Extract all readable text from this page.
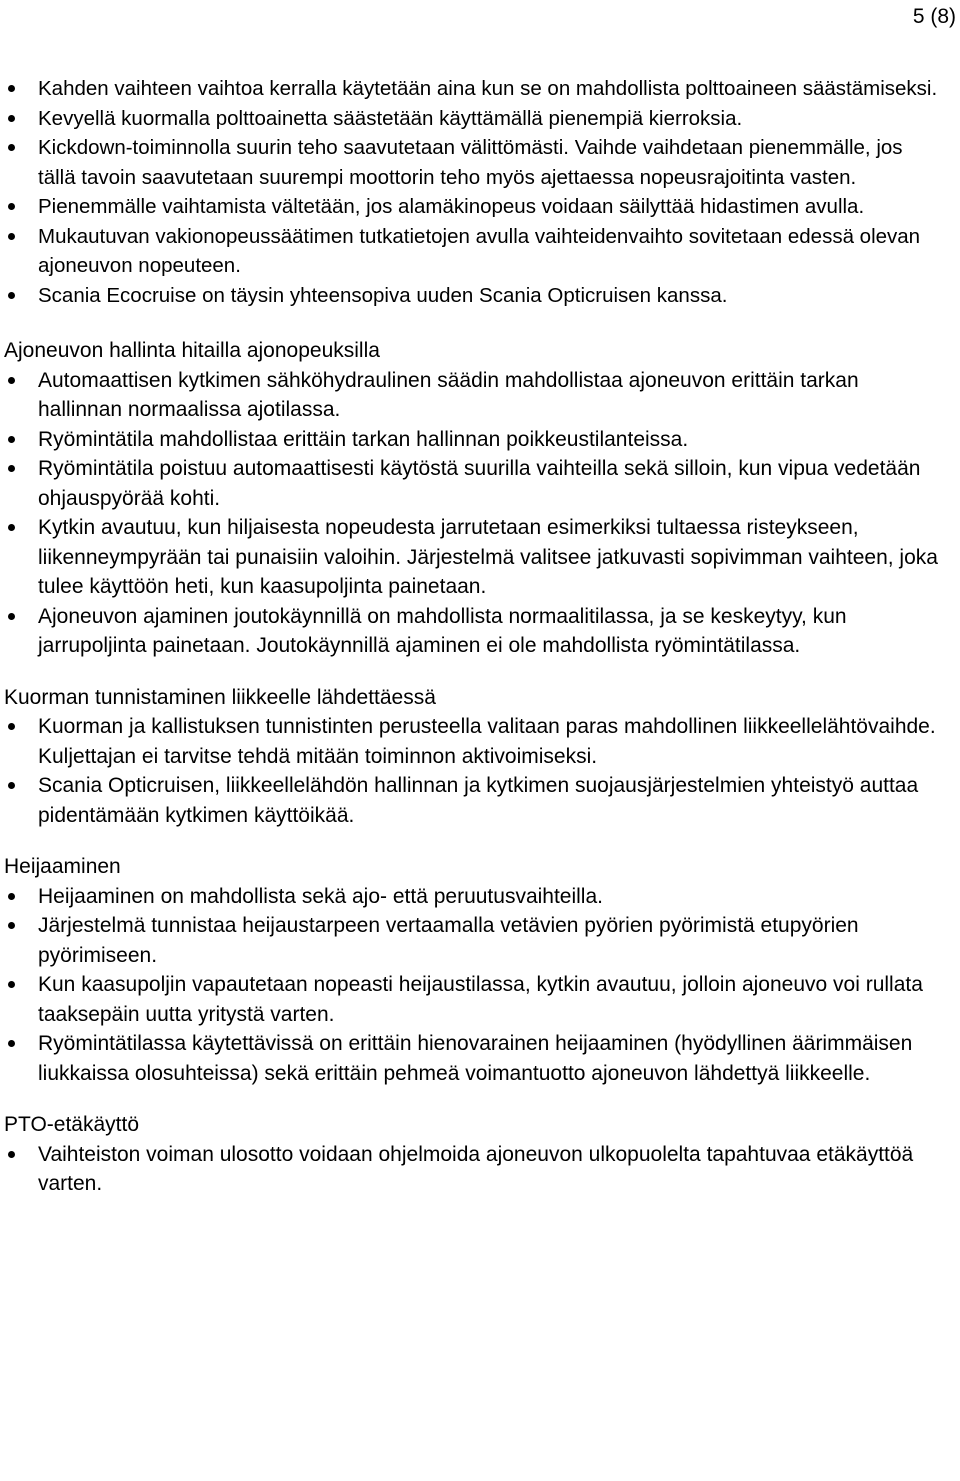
5 (8)
Kahden vaihteen vaihtoa kerralla käytetään aina kun se on mahdollista polttoaineen säästämiseksi.
Kevyellä kuormalla polttoainetta säästetään käyttämällä pienempiä kierroksia.
Kickdown-toiminnolla suurin teho saavutetaan välittömästi. Vaihde vaihdetaan pienemmälle, jos tällä tavoin saavutetaan suurempi moottorin teho myös ajettaessa nopeusrajoitinta vasten.
Pienemmälle vaihtamista vältetään, jos alamäkinopeus voidaan säilyttää hidastimen avulla.
Mukautuvan vakionopeussäätimen tutkatietojen avulla vaihteidenvaihto sovitetaan edessä olevan ajoneuvon nopeuteen.
Scania Ecocruise on täysin yhteensopiva uuden Scania Opticruisen kanssa.
Ajoneuvon hallinta hitailla ajonopeuksilla
Automaattisen kytkimen sähköhydraulinen säädin mahdollistaa ajoneuvon erittäin tarkan hallinnan normaalissa ajotilassa.
Ryömintätila mahdollistaa erittäin tarkan hallinnan poikkeustilanteissa.
Ryömintätila poistuu automaattisesti käytöstä suurilla vaihteilla sekä silloin, kun vipua vedetään ohjauspyörää kohti.
Kytkin avautuu, kun hiljaisesta nopeudesta jarrutetaan esimerkiksi tultaessa risteykseen, liikenneympyrään tai punaisiin valoihin. Järjestelmä valitsee jatkuvasti sopivimman vaihteen, joka tulee käyttöön heti, kun kaasupoljinta painetaan.
Ajoneuvon ajaminen joutokäynnillä on mahdollista normaalitilassa, ja se keskeytyy, kun jarrupoljinta painetaan. Joutokäynnillä ajaminen ei ole mahdollista ryömintätilassa.
Kuorman tunnistaminen liikkeelle lähdettäessä
Kuorman ja kallistuksen tunnistinten perusteella valitaan paras mahdollinen liikkeellelähtövaihde. Kuljettajan ei tarvitse tehdä mitään toiminnon aktivoimiseksi.
Scania Opticruisen, liikkeellelähdön hallinnan ja kytkimen suojausjärjestelmien yhteistyö auttaa pidentämään kytkimen käyttöikää.
Heijaaminen
Heijaaminen on mahdollista sekä ajo- että peruutusvaihteilla.
Järjestelmä tunnistaa heijaustarpeen vertaamalla vetävien pyörien pyörimistä etupyörien pyörimiseen.
Kun kaasupoljin vapautetaan nopeasti heijaustilassa, kytkin avautuu, jolloin ajoneuvo voi rullata taaksepäin uutta yritystä varten.
Ryömintätilassa käytettävissä on erittäin hienovarainen heijaaminen (hyödyllinen äärimmäisen liukkaissa olosuhteissa) sekä erittäin pehmeä voimantuotto ajoneuvon lähdettyä liikkeelle.
PTO-etäkäyttö
Vaihteiston voiman ulosotto voidaan ohjelmoida ajoneuvon ulkopuolelta tapahtuvaa etäkäyttöä varten.
